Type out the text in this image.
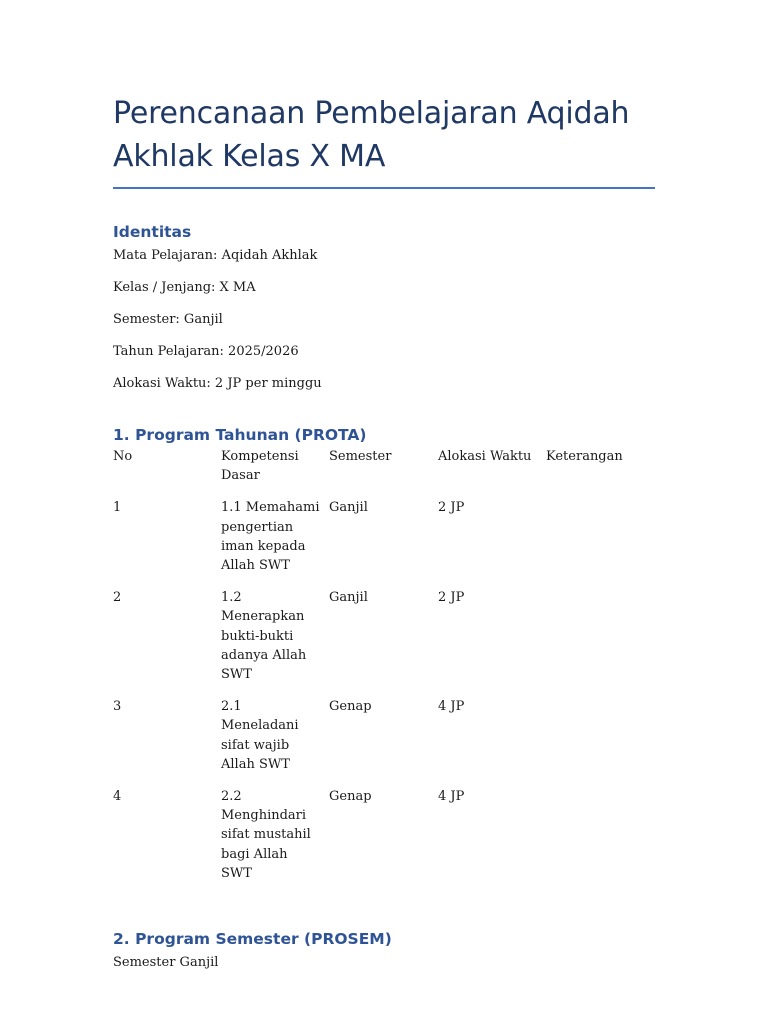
Perencanaan Pembelajaran Aqidah Akhlak Kelas X MA
Identitas

Mata Pelajaran: Aqidah Akhlak

Kelas / Jenjang: X MA

Semester: Ganjil

Tahun Pelajaran: 2025/2026

Alokasi Waktu: 2 JP per minggu

1. Program Tahunan (PROTA)
No	Kompetensi Dasar	Semester	Alokasi Waktu	Keterangan

1	1.1 Memahami pengertian iman kepada Allah SWT	Ganjil	2 JP	

2	1.2 Menerapkan bukti-bukti adanya Allah SWT	Ganjil	2 JP	

3	2.1 Meneladani sifat wajib Allah SWT	Genap	4 JP	

4	2.2 Menghindari sifat mustahil bagi Allah SWT	Genap	4 JP	

2. Program Semester (PROSEM)

Semester Ganjil
